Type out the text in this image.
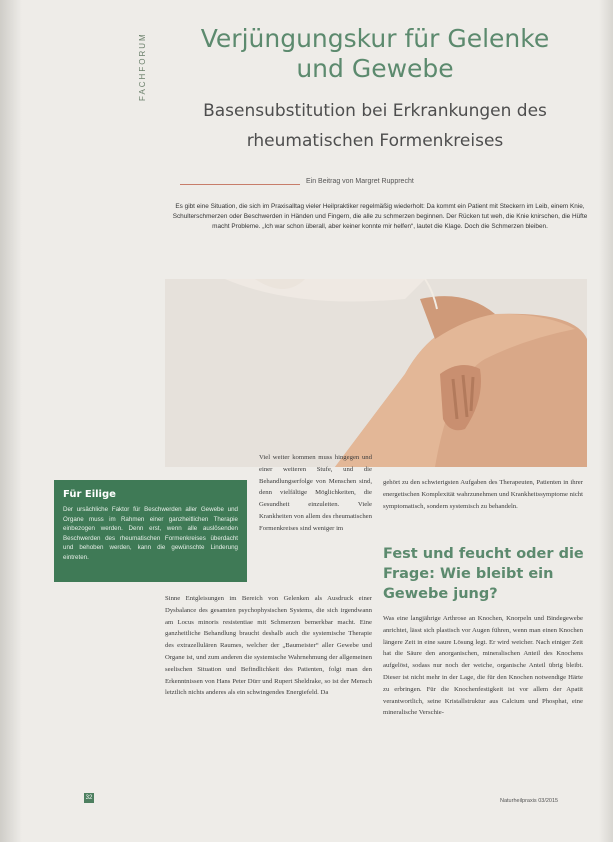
FACHFORUM	Verjüngungskur für Gelenke
und Gewebe
Basensubstitution bei Erkrankungen des
rheumatischen Formenkreises
Ein Beitrag von Margret Rupprecht
Es gibt eine Situation, die sich im Praxisalltag vieler Heilpraktiker regelmäßig wiederholt: Da kommt ein Patient mit Steckern im Leib, einem Knie, Schulterschmerzen oder Beschwerden in Händen und Fingern, die alle zu schmerzen beginnen. Der Rücken tut weh, die Knie knirschen, die Hüfte macht Probleme. „Ich war schon überall, aber keiner konnte mir helfen“, lautet die Klage. Doch die Schmerzen bleiben.
Für Eilige
Der ursächliche Faktor für Beschwerden aller Gewebe und Organe muss im Rahmen einer ganzheitlichen Therapie einbezogen werden. Denn erst, wenn alle auslösenden Beschwerden des rheumatischen Formenkreises überdacht und behoben werden, kann die gewünschte Linderung eintreten.
Viel weiter kommen muss hingegen und einer weiteren Stufe, und die Behandlungserfolge von Menschen sind, denn vielfältige Möglichkeiten, die Gesundheit einzuleiten. Viele Krankheiten von allem des rheumatischen Formenkreises sind weniger im
Sinne Entgleisungen im Bereich von Gelenken als Ausdruck einer Dysbalance des gesamten psychophysischen Systems, die sich irgendwann am Locus minoris resistentiae mit Schmerzen bemerkbar macht. Eine ganzheitliche Behandlung braucht deshalb auch die systemische Therapie des extrazellulären Raumes, welcher der „Baumeister“ aller Gewebe und Organe ist, und zum anderen die systemische Wahrnehmung der allgemeinen seelischen Situation und Befindlichkeit des Patienten, folgt man den Erkenntnissen von Hans Peter Dürr und Rupert Sheldrake, so ist der Mensch letztlich nichts anderes als ein schwingendes Energiefeld. Da
gehört zu den schwierigsten Aufgaben des Therapeuten, Patienten in ihrer energetischen Komplexität wahrzunehmen und Krankheitssymptome nicht symptomatisch, sondern systemisch zu behandeln.
Fest und feucht oder die Frage: Wie bleibt ein Gewebe jung?
Was eine langjährige Arthrose an Knochen, Knorpeln und Bindegewebe anrichtet, lässt sich plastisch vor Augen führen, wenn man einen Knochen längere Zeit in eine saure Lösung legt. Er wird weicher. Nach einiger Zeit hat die Säure den anorganischen, mineralischen Anteil des Knochens aufgelöst, sodass nur noch der weiche, organische Anteil übrig bleibt. Dieser ist nicht mehr in der Lage, die für den Knochen notwendige Härte zu erbringen. Für die Knochenfestigkeit ist vor allem der Apatit verantwortlich, seine Kristallstruktur aus Calcium und Phosphat, eine mineralische Verschie-
32	Naturheilpraxis 03/2015
